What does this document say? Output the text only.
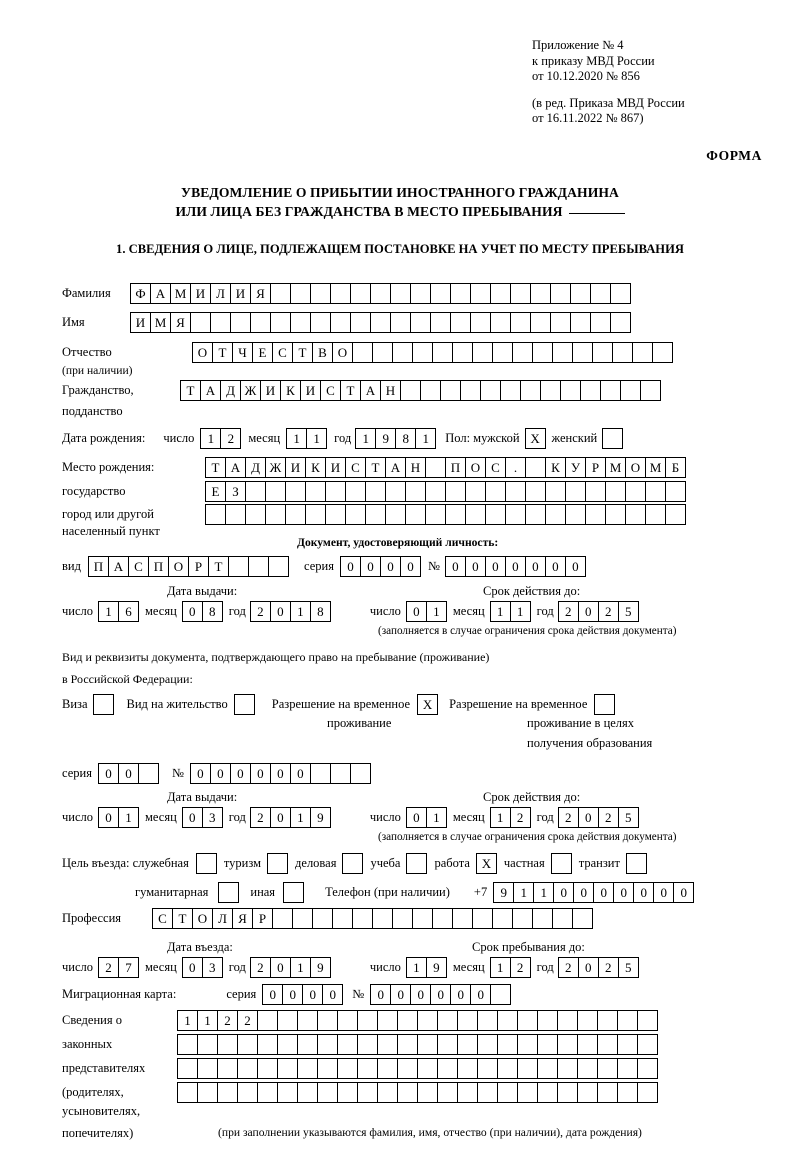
Приложение № 4
к приказу МВД России
от 10.12.2020 № 856
(в ред. Приказа МВД России
от 16.11.2022 № 867)
ФОРМА
УВЕДОМЛЕНИЕ О ПРИБЫТИИ ИНОСТРАННОГО ГРАЖДАНИНА
ИЛИ ЛИЦА БЕЗ ГРАЖДАНСТВА В МЕСТО ПРЕБЫВАНИЯ
1. СВЕДЕНИЯ О ЛИЦЕ, ПОДЛЕЖАЩЕМ ПОСТАНОВКЕ НА УЧЕТ ПО МЕСТУ ПРЕБЫВАНИЯ
Фамилия	Ф А М И Л И Я
Имя	И М Я
Отчество	О Т Ч Е С Т В О
(при наличии)
Гражданство,	Т А Д Ж И К И С Т А Н
подданство
Дата рождения: число	1	2	месяц	1	1	год 1	9	8	1	Пол: мужской X женский
Место рождения:	Т А Д Ж И К И С Т А Н	П О С	.	К У Р М О М Б
государство	Е З
город или другой
населенный пункт
Документ, удостоверяющий личность:
вид П А С П О Р Т	серия	0	0	0	0	№ 0	0	0	0	0	0	0
Дата выдачи:	Срок действия до:
число 1	6	месяц 0	8	год 2	0	1	8	число 0	1	месяц 1	1	год 2	0	2	5
(заполняется в случае ограничения срока действия документа)
Вид и реквизиты документа, подтверждающего право на пребывание (проживание)
в Российской Федерации:
Виза	Вид на жительство	Разрешение на временное X	Разрешение на временное
проживание	проживание в целях
получения образования
серия	0	0	№	0	0	0	0	0	0
Дата выдачи:	Срок действия до:
число 0	1	месяц 0	3	год 2	0	1	9	число 0	1	месяц 1	2	год 2	0	2	5
(заполняется в случае ограничения срока действия документа)
Цель въезда: служебная	туризм	деловая	учеба	работа X	частная	транзит
гуманитарная	иная	Телефон (при наличии) +7	9	1	1	0	0	0	0	0	0	0
Профессия	С Т О Л Я Р
Дата въезда:	Срок пребывания до:
число 2	7	месяц 0	3	год 2	0	1	9	число 1	9	месяц 1	2	год 2	0	2	5
Миграционная карта:	серия	0	0	0	0	№	0	0	0	0	0	0
Сведения о	1	1	2	2
законных
представителях
(родителях,
усыновителях,
попечителях)	(при заполнении указываются фамилия, имя, отчество (при наличии), дата рождения)
